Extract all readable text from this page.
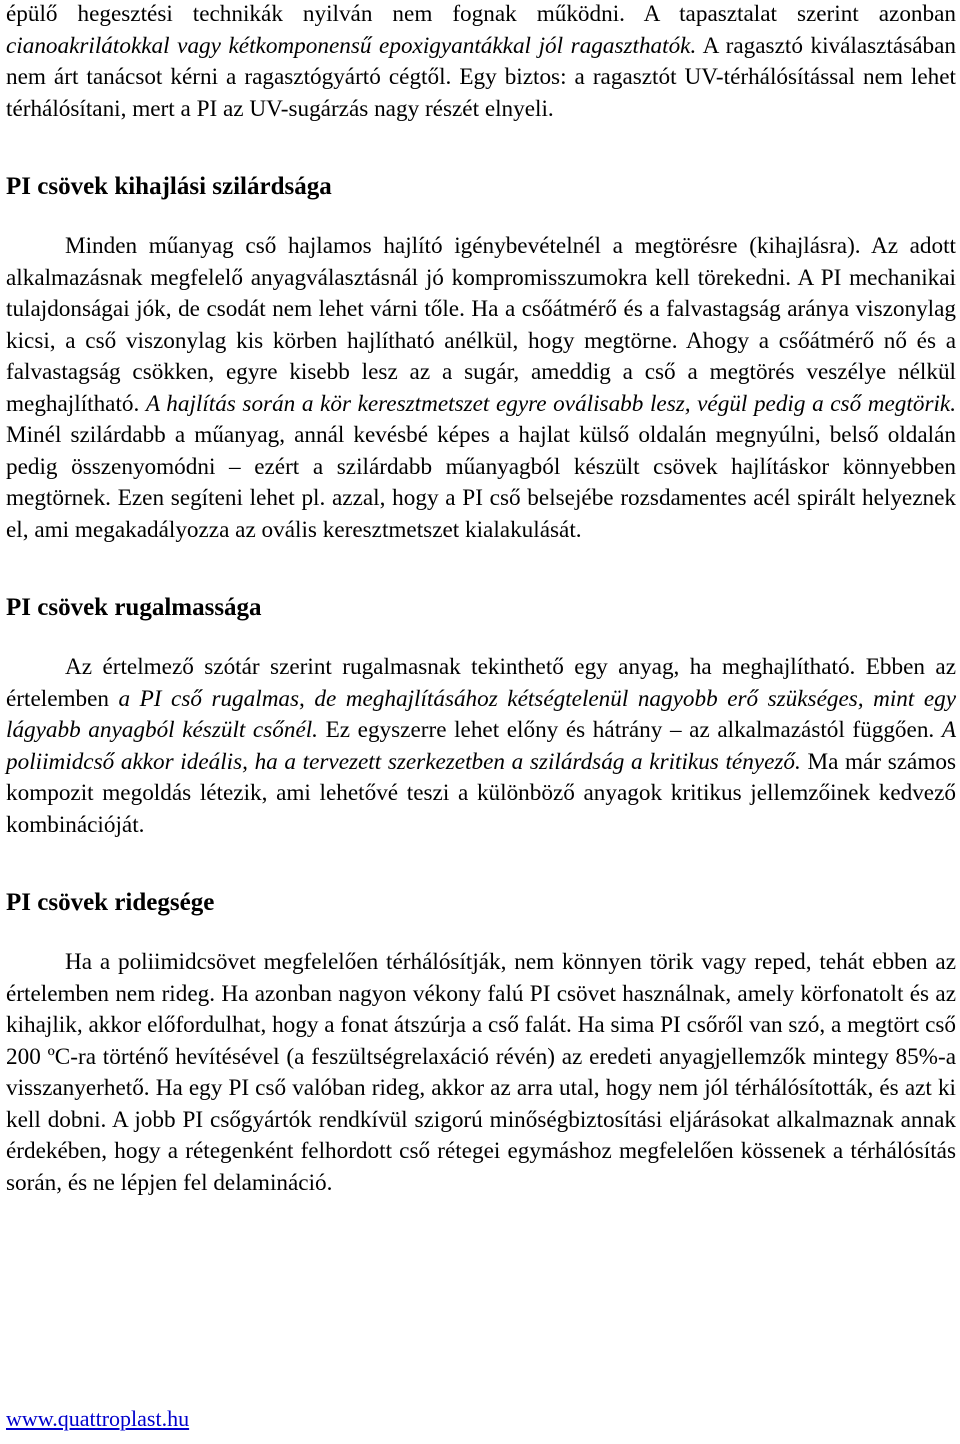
épülő hegesztési technikák nyilván nem fognak működni. A tapasztalat szerint azonban cianoakrilátokkal vagy kétkomponensű epoxigyantákkal jól ragaszthatók. A ragasztó kiválasztásában nem árt tanácsot kérni a ragasztógyártó cégtől. Egy biztos: a ragasztót UV-térhálósítással nem lehet térhálósítani, mert a PI az UV-sugárzás nagy részét elnyeli.

PI csövek kihajlási szilárdsága

Minden műanyag cső hajlamos hajlító igénybevételnél a megtörésre (kihajlásra). Az adott alkalmazásnak megfelelő anyagválasztásnál jó kompromisszumokra kell törekedni. A PI mechanikai tulajdonságai jók, de csodát nem lehet várni tőle. Ha a csőátmérő és a falvastagság aránya viszonylag kicsi, a cső viszonylag kis körben hajlítható anélkül, hogy megtörne. Ahogy a csőátmérő nő és a falvastagság csökken, egyre kisebb lesz az a sugár, ameddig a cső a megtörés veszélye nélkül meghajlítható. A hajlítás során a kör keresztmetszet egyre oválisabb lesz, végül pedig a cső megtörik. Minél szilárdabb a műanyag, annál kevésbé képes a hajlat külső oldalán megnyúlni, belső oldalán pedig összenyomódni – ezért a szilárdabb műanyagból készült csövek hajlításkor könnyebben megtörnek. Ezen segíteni lehet pl. azzal, hogy a PI cső belsejébe rozsdamentes acél spirált helyeznek el, ami megakadályozza az ovális keresztmetszet kialakulását.

PI csövek rugalmassága

Az értelmező szótár szerint rugalmasnak tekinthető egy anyag, ha meghajlítható. Ebben az értelemben a PI cső rugalmas, de meghajlításához kétségtelenül nagyobb erő szükséges, mint egy lágyabb anyagból készült csőnél. Ez egyszerre lehet előny és hátrány – az alkalmazástól függően. A poliimidcső akkor ideális, ha a tervezett szerkezetben a szilárdság a kritikus tényező. Ma már számos kompozit megoldás létezik, ami lehetővé teszi a különböző anyagok kritikus jellemzőinek kedvező kombinációját.

PI csövek ridegsége

Ha a poliimidcsövet megfelelően térhálósítják, nem könnyen törik vagy reped, tehát ebben az értelemben nem rideg. Ha azonban nagyon vékony falú PI csövet használnak, amely körfonatolt és az kihajlik, akkor előfordulhat, hogy a fonat átszúrja a cső falát. Ha sima PI csőről van szó, a megtört cső 200 ºC-ra történő hevítésével (a feszültségrelaxáció révén) az eredeti anyagjellemzők mintegy 85%-a visszanyerhető. Ha egy PI cső valóban rideg, akkor az arra utal, hogy nem jól térhálósították, és azt ki kell dobni. A jobb PI csőgyártók rendkívül szigorú minőségbiztosítási eljárásokat alkalmaznak annak érdekében, hogy a rétegenként felhordott cső rétegei egymáshoz megfelelően kössenek a térhálósítás során, és ne lépjen fel delamináció.

www.quattroplast.hu
